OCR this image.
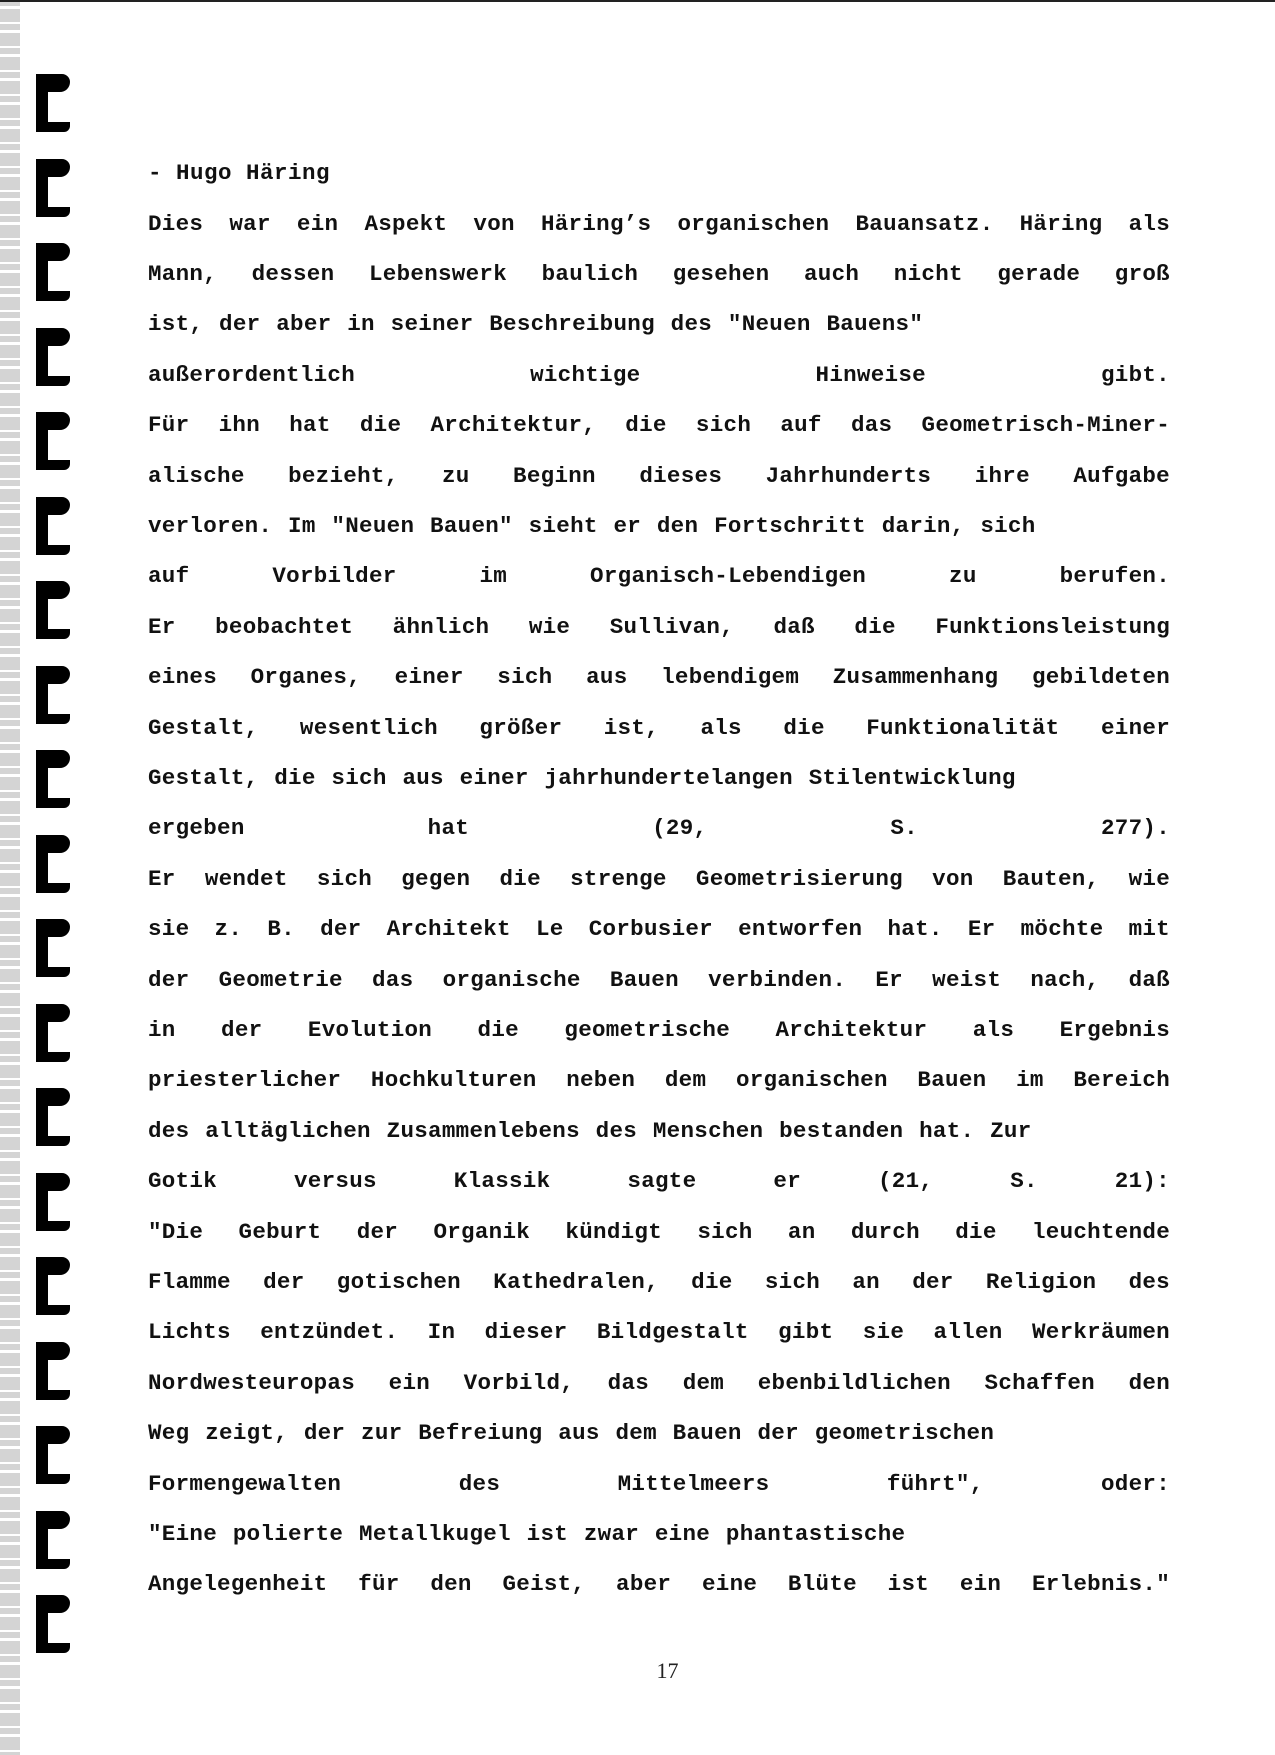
- Hugo Häring
Dies war ein Aspekt von Häring’s organischen Bauansatz. Häring als
Mann, dessen Lebenswerk baulich gesehen auch nicht gerade groß
ist, der aber in seiner Beschreibung des "Neuen Bauens"
außerordentlich wichtige Hinweise gibt.
Für ihn hat die Architektur, die sich auf das Geometrisch-Miner-
alische bezieht, zu Beginn dieses Jahrhunderts ihre Aufgabe
verloren. Im "Neuen Bauen" sieht er den Fortschritt darin, sich
auf Vorbilder im Organisch-Lebendigen zu berufen.
Er beobachtet ähnlich wie Sullivan, daß die Funktionsleistung
eines Organes, einer sich aus lebendigem Zusammenhang gebildeten
Gestalt, wesentlich größer ist, als die Funktionalität einer
Gestalt, die sich aus einer jahrhundertelangen Stilentwicklung
ergeben hat (29, S. 277).
Er wendet sich gegen die strenge Geometrisierung von Bauten, wie
sie z. B. der Architekt Le Corbusier entworfen hat. Er möchte mit
der Geometrie das organische Bauen verbinden. Er weist nach, daß
in der Evolution die geometrische Architektur als Ergebnis
priesterlicher Hochkulturen neben dem organischen Bauen im Bereich
des alltäglichen Zusammenlebens des Menschen bestanden hat. Zur
Gotik versus Klassik sagte er (21, S. 21):
"Die Geburt der Organik kündigt sich an durch die leuchtende
Flamme der gotischen Kathedralen, die sich an der Religion des
Lichts entzündet. In dieser Bildgestalt gibt sie allen Werkräumen
Nordwesteuropas ein Vorbild, das dem ebenbildlichen Schaffen den
Weg zeigt, der zur Befreiung aus dem Bauen der geometrischen
Formengewalten des Mittelmeers führt", oder:
"Eine polierte Metallkugel ist zwar eine phantastische
Angelegenheit für den Geist, aber eine Blüte ist ein Erlebnis."
17
